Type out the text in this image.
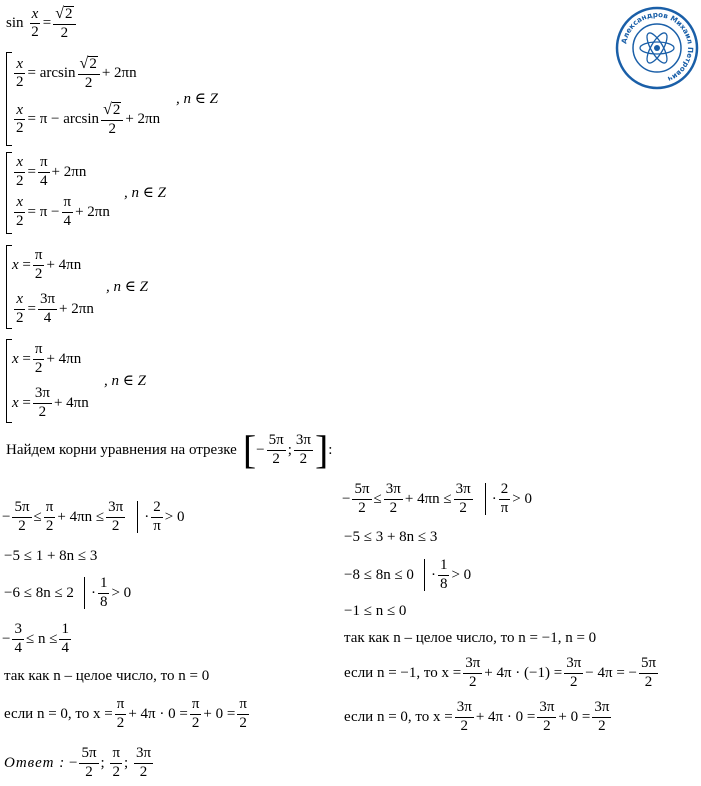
sin
$\frac{x}{2} = \frac{√ 2}{2}$
$\frac{x}{2} = \arcsin \frac{√ 2}{2} + 2\pi n$
$\frac{x}{2} = \pi - \arcsin \frac{√ 2}{2} + 2\pi n$
, n ∈ Z
$\frac{x}{2} = \frac{\pi}{4} + 2\pi n$
$\frac{x}{2} = \pi - \frac{\pi}{4} + 2\pi n$
, n ∈ Z
$x = \frac{\pi}{2} + 4\pi n$
$\frac{x}{2} = \frac{3\pi}{4} + 2\pi n$
, n ∈ Z
$x = \frac{\pi}{2} + 4\pi n$
$x = \frac{3\pi}{2} + 4\pi n$
, n ∈ Z
Найдем корни уравнения на отрезке [ − $\frac{5\pi}{2}$ ; $\frac{3\pi}{2}$ ] :
− $\frac{5\pi}{2} \le \frac{\pi}{2} + 4\pi n \le \frac{3\pi}{2} \cdot \frac{2}{\pi} > 0$
−5 ≤ 1 + 8n ≤ 3
$-6 \le 8n \le 2 \cdot \frac{1}{8} > 0$
− $\frac{3}{4} \le n \le \frac{1}{4}$
так как n – целое число, то n = 0
если n = 0, то $x = \frac{\pi}{2} + 4\pi \cdot 0 = \frac{\pi}{2} + 0 = \frac{\pi}{2}$
Ответ : − $\frac{5\pi}{2}$ ;
$\frac{\pi}{2}$ ;
$\frac{3\pi}{2}$
− $\frac{5\pi}{2} \le \frac{3\pi}{2} + 4\pi n \le \frac{3\pi}{2} \cdot \frac{2}{\pi} > 0$
−5 ≤ 3 + 8n ≤ 3
$-8 \le 8n \le 0 \cdot \frac{1}{8} > 0$
−1 ≤ n ≤ 0
так как n – целое число, то n = −1, n = 0
если n = −1, то $x = \frac{3\pi}{2} + 4\pi \cdot (-1) = \frac{3\pi}{2} - 4\pi$ = − $\frac{5\pi}{2}$
если n = 0, то $x = \frac{3\pi}{2} + 4\pi \cdot 0 = \frac{3\pi}{2} + 0 = \frac{3\pi}{2}$
Александров Михаил Петрович
